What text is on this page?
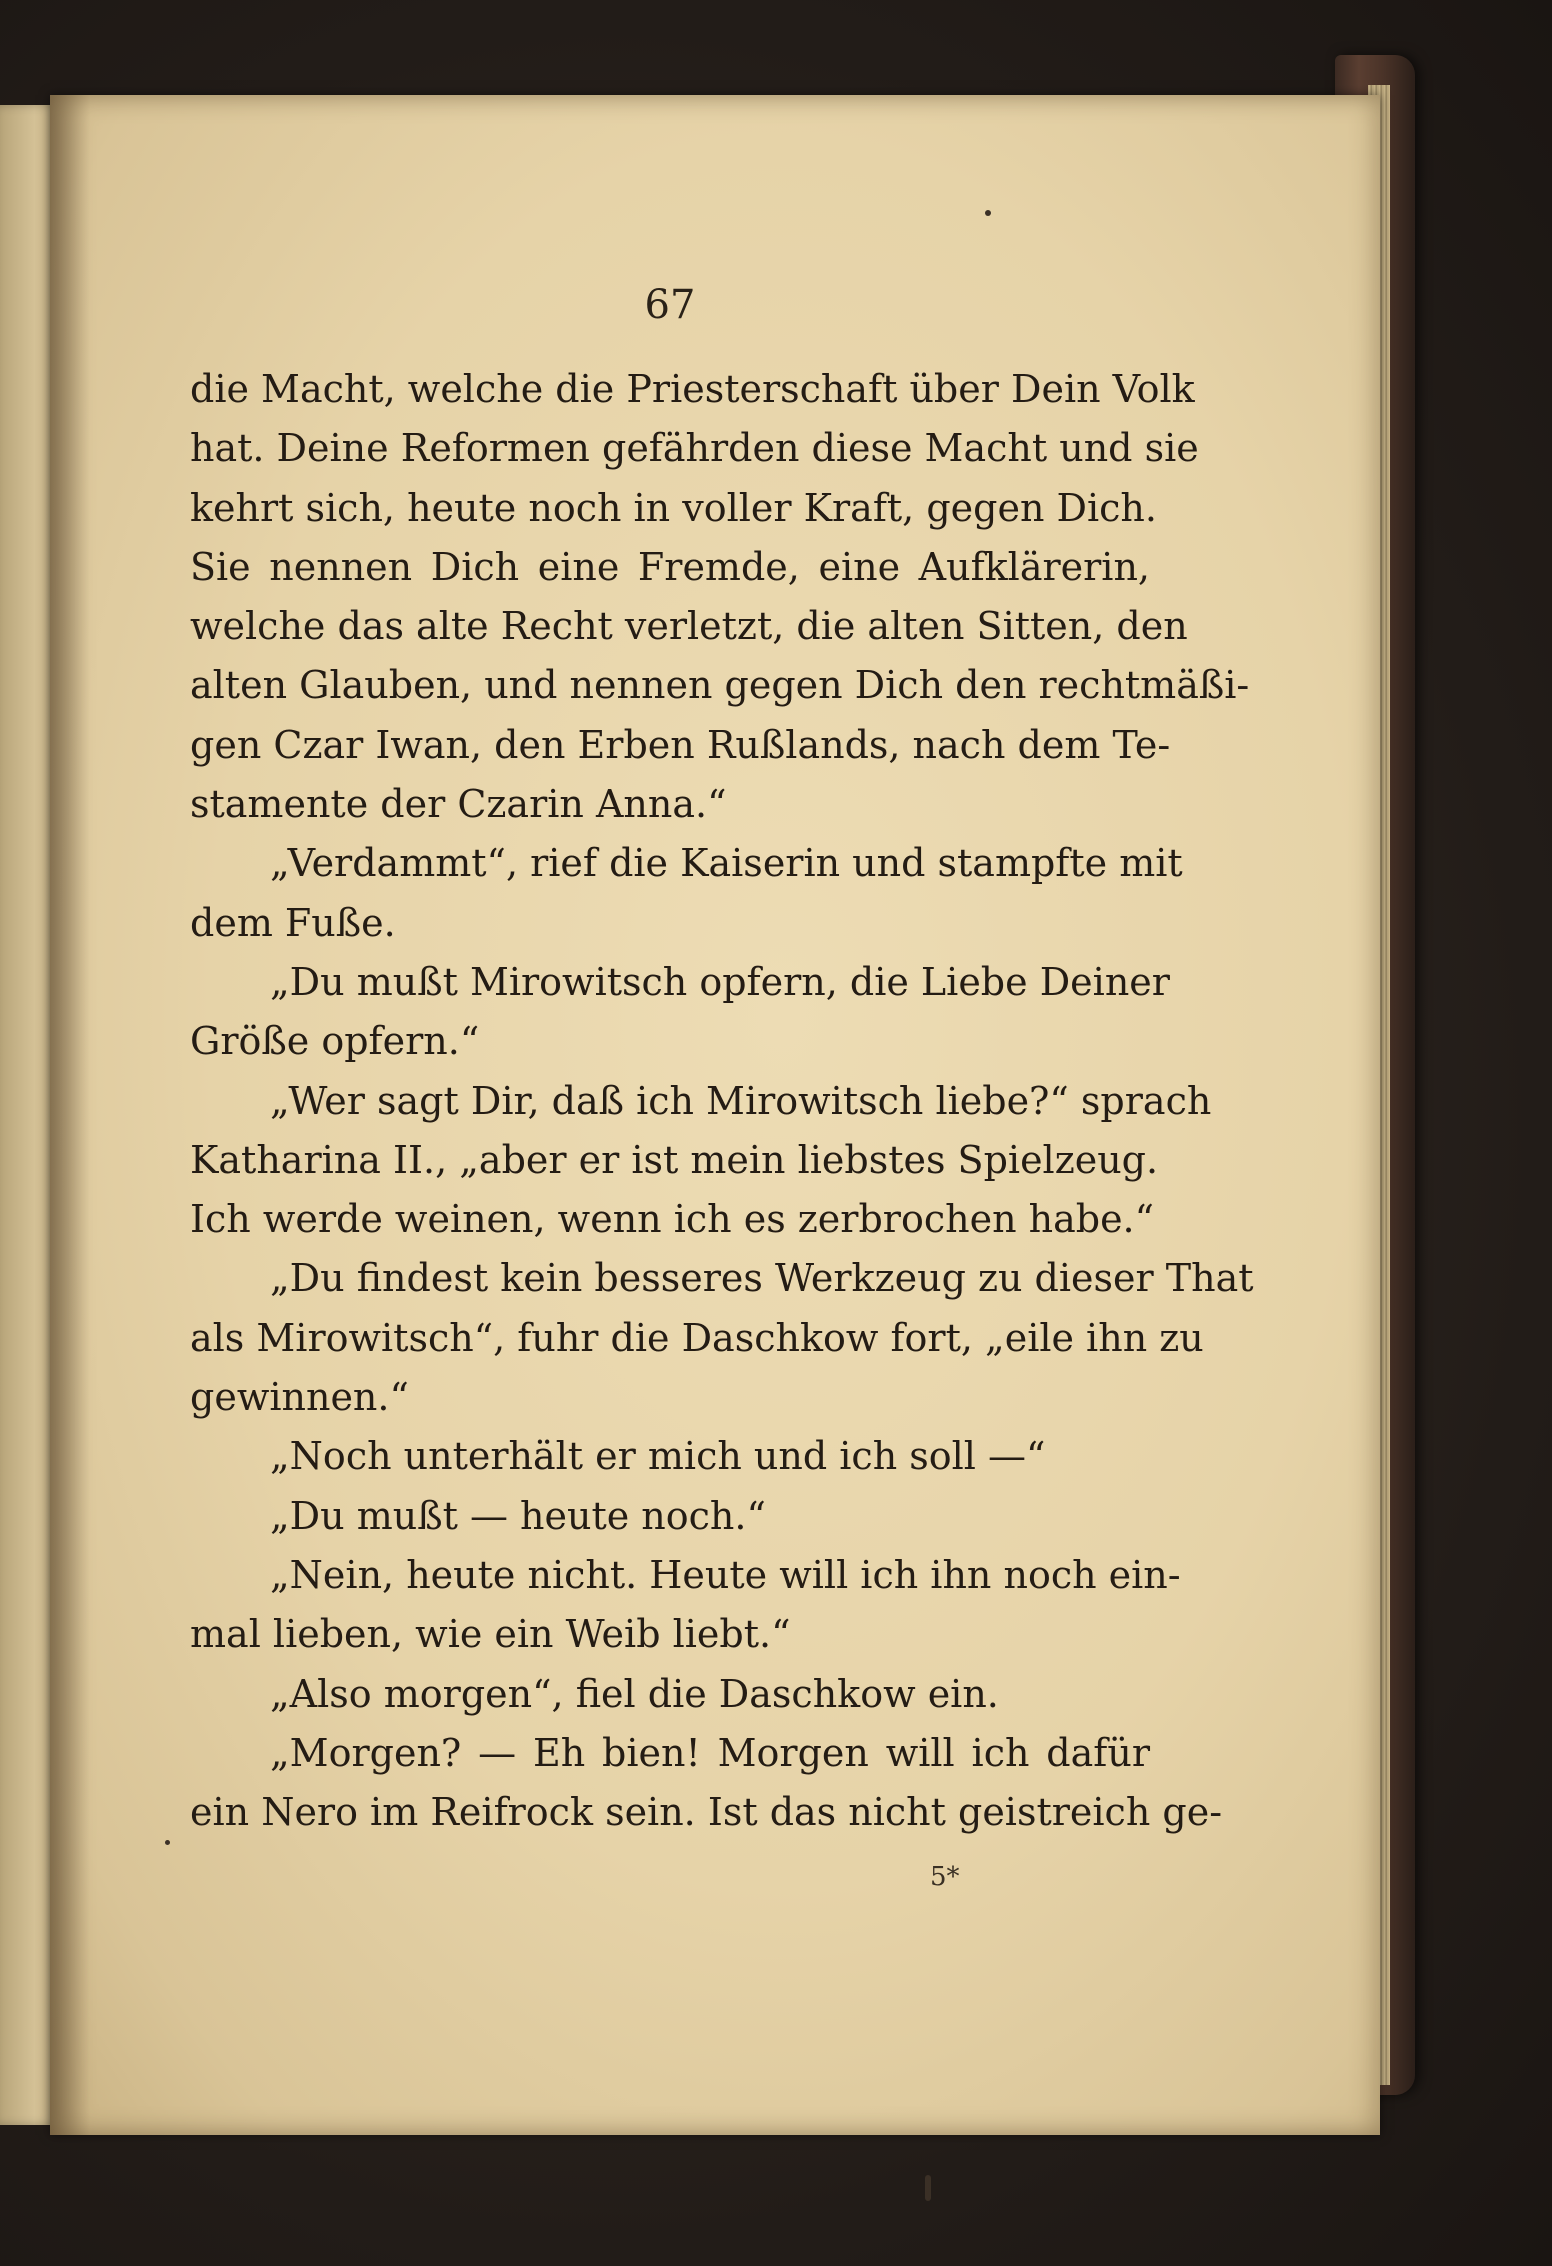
67
die Macht, welche die Priesterschaft über Dein Volk
hat. Deine Reformen gefährden diese Macht und sie
kehrt sich, heute noch in voller Kraft, gegen Dich.
Sie nennen Dich eine Fremde, eine Aufklärerin,
welche das alte Recht verletzt, die alten Sitten, den
alten Glauben, und nennen gegen Dich den rechtmäßi-
gen Czar Iwan, den Erben Rußlands, nach dem Te-
stamente der Czarin Anna.“
„Verdammt“, rief die Kaiserin und stampfte mit
dem Fuße.
„Du mußt Mirowitsch opfern, die Liebe Deiner
Größe opfern.“
„Wer sagt Dir, daß ich Mirowitsch liebe?“ sprach
Katharina II., „aber er ist mein liebstes Spielzeug.
Ich werde weinen, wenn ich es zerbrochen habe.“
„Du findest kein besseres Werkzeug zu dieser That
als Mirowitsch“, fuhr die Daschkow fort, „eile ihn zu
gewinnen.“
„Noch unterhält er mich und ich soll —“
„Du mußt — heute noch.“
„Nein, heute nicht. Heute will ich ihn noch ein-
mal lieben, wie ein Weib liebt.“
„Also morgen“, fiel die Daschkow ein.
„Morgen? — Eh bien! Morgen will ich dafür
ein Nero im Reifrock sein. Ist das nicht geistreich ge-
5*
